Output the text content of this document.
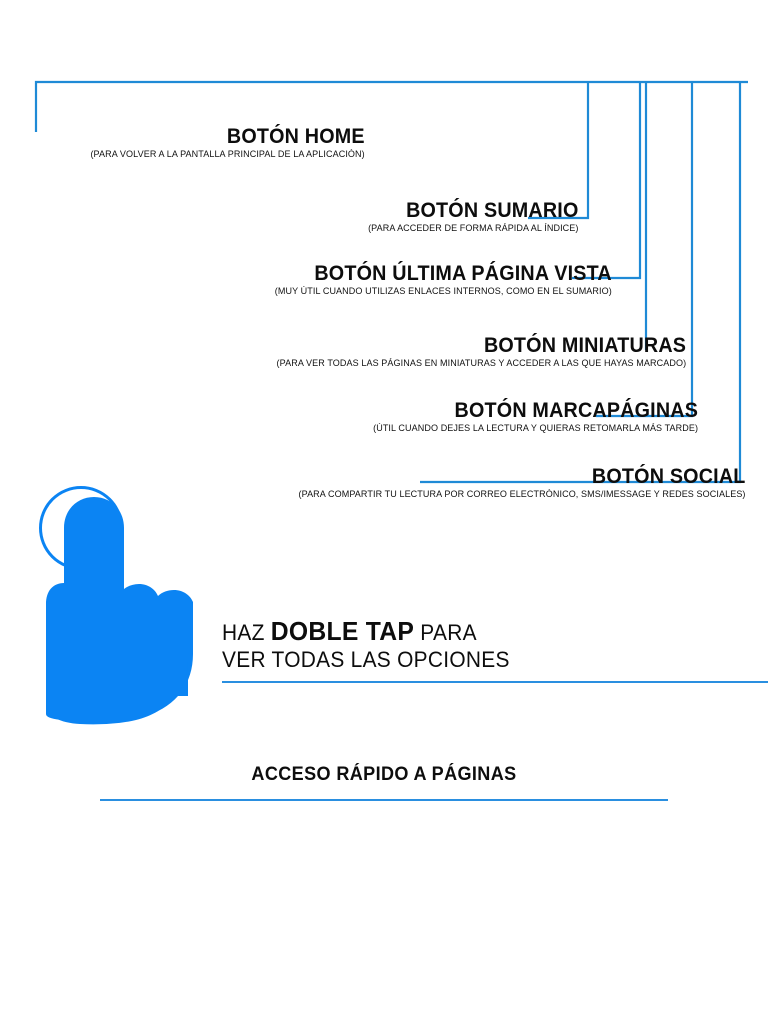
BOTÓN HOME
(PARA VOLVER A LA PANTALLA PRINCIPAL DE LA APLICACIÓN)
BOTÓN SUMARIO
(PARA ACCEDER DE FORMA RÁPIDA AL ÍNDICE)
BOTÓN ÚLTIMA PÁGINA VISTA
(MUY ÚTIL CUANDO UTILIZAS ENLACES INTERNOS, COMO EN EL SUMARIO)
BOTÓN MINIATURAS
(PARA VER TODAS LAS PÁGINAS EN MINIATURAS Y ACCEDER A LAS QUE HAYAS MARCADO)
BOTÓN MARCAPÁGINAS
(ÚTIL CUANDO DEJES LA LECTURA Y QUIERAS RETOMARLA MÁS TARDE)
BOTÓN SOCIAL
(PARA COMPARTIR TU LECTURA POR CORREO ELECTRÓNICO, SMS/IMESSAGE Y REDES SOCIALES)
HAZ DOBLE TAP PARA
VER TODAS LAS OPCIONES
ACCESO RÁPIDO A PÁGINAS
